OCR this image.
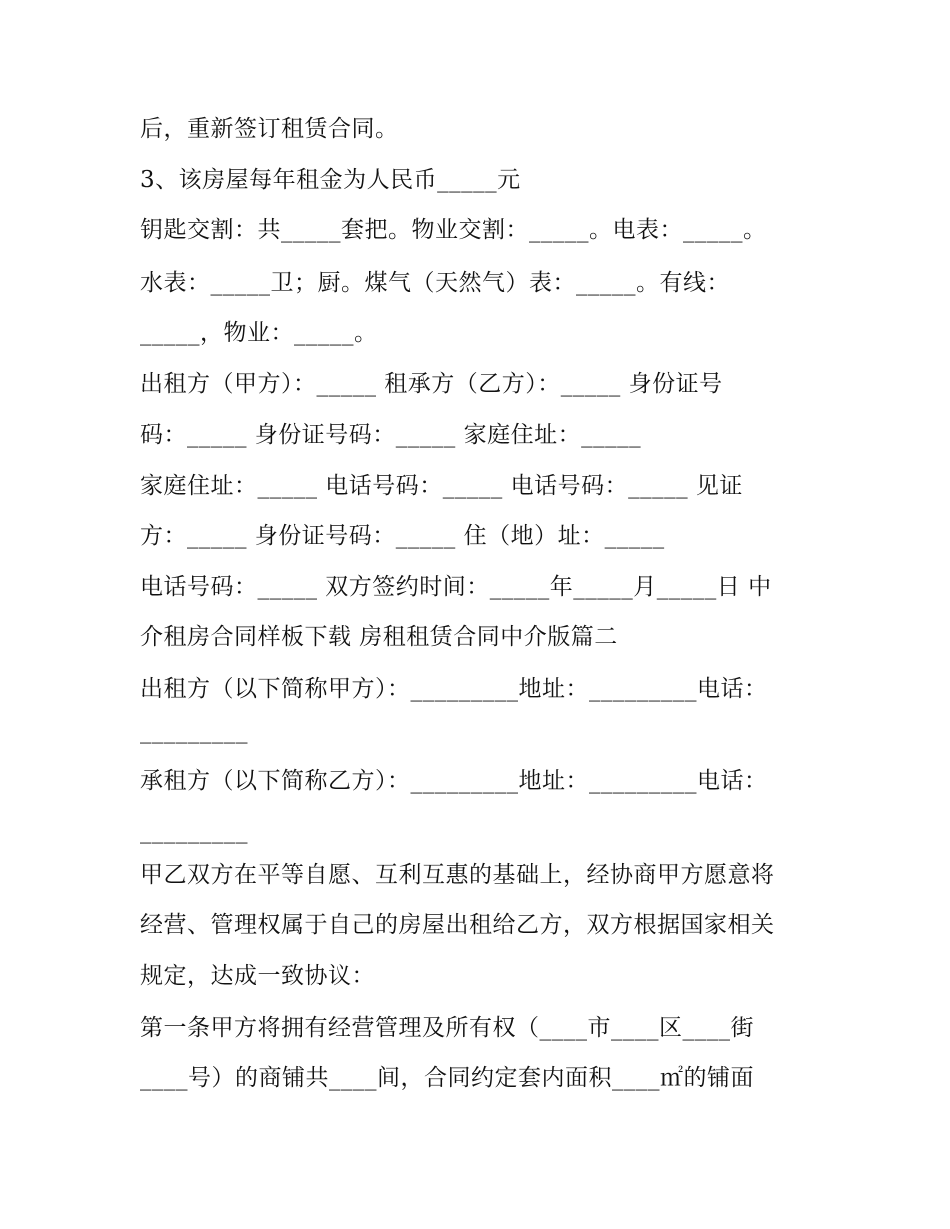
后，重新签订租赁合同。
3、该房屋每年租金为人民币_____元
钥匙交割：共_____套把。物业交割：_____。电表：_____。
水表：_____卫；厨。煤气（天然气）表：_____。有线：
_____，物业：_____。
出租方（甲方）：_____ 租承方（乙方）：_____ 身份证号
码：_____ 身份证号码：_____ 家庭住址：_____
家庭住址：_____ 电话号码：_____ 电话号码：_____ 见证
方：_____ 身份证号码：_____ 住（地）址：_____
电话号码：_____ 双方签约时间：_____年_____月_____日 中
介租房合同样板下载 房租租赁合同中介版篇二
出租方（以下简称甲方）：_________地址：_________电话：
_________
承租方（以下简称乙方）：_________地址：_________电话：
_________
甲乙双方在平等自愿、互利互惠的基础上，经协商甲方愿意将
经营、管理权属于自己的房屋出租给乙方，双方根据国家相关
规定，达成一致协议：
第一条甲方将拥有经营管理及所有权（____市____区____街
____号）的商铺共____间，合同约定套内面积____㎡的铺面
